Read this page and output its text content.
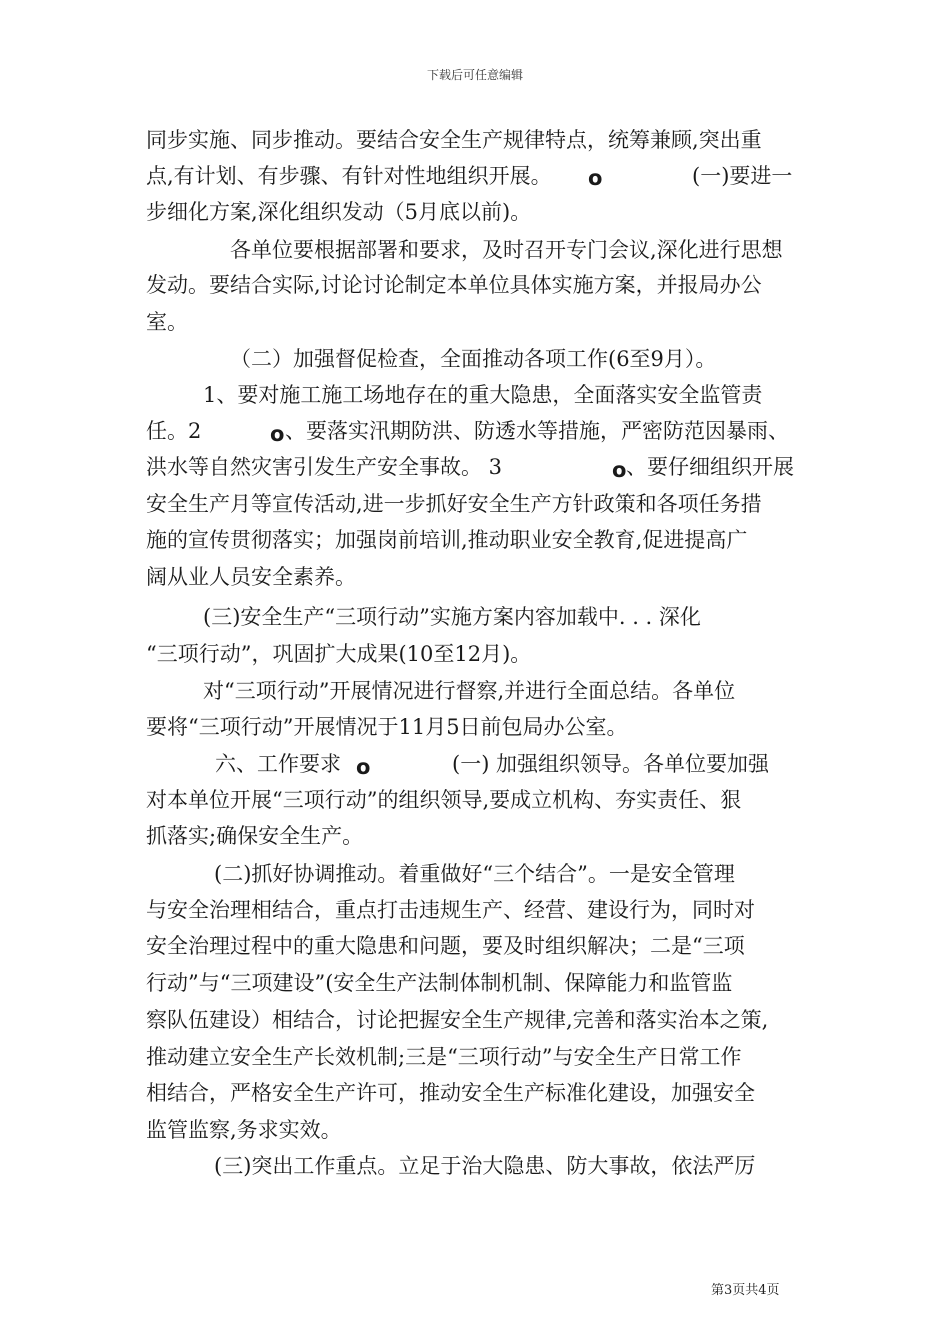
下载后可任意编辑
同步实施、同步推动。要结合安全生产规律特点，统筹兼顾,突出重
点,有计划、有步骤、有针对性地组织开展。 o	(一)要进一
步细化方案,深化组织发动（5月底以前)。
各单位要根据部署和要求，及时召开专门会议,深化进行思想
发动。要结合实际,讨论讨论制定本单位具体实施方案，并报局办公
室。
（二）加强督促检查，全面推动各项工作(6至9月）。
1、要对施工施工场地存在的重大隐患，全面落实安全监管责
任。2	o 、要落实汛期防洪、防透水等措施，严密防范因暴雨、
洪水等自然灾害引发生产安全事故。 3	o 、要仔细组织开展
安全生产月等宣传活动,进一步抓好安全生产方针政策和各项任务措
施的宣传贯彻落实；加强岗前培训,推动职业安全教育,促进提高广
阔从业人员安全素养。
(三)安全生产“三项行动”实施方案内容加载中. . . 深化
“三项行动”，巩固扩大成果(10至12月)。
对“三项行动”开展情况进行督察,并进行全面总结。各单位
要将“三项行动”开展情况于11月5日前包局办公室。
六、工作要求 o	(一) 加强组织领导。各单位要加强
对本单位开展“三项行动”的组织领导,要成立机构、夯实责任、狠
抓落实;确保安全生产。
(二)抓好协调推动。着重做好“三个结合”。一是安全管理
与安全治理相结合，重点打击违规生产、经营、建设行为，同时对
安全治理过程中的重大隐患和问题，要及时组织解决；二是“三项
行动”与“三项建设”(安全生产法制体制机制、保障能力和监管监
察队伍建设）相结合，讨论把握安全生产规律,完善和落实治本之策,
推动建立安全生产长效机制;三是“三项行动”与安全生产日常工作
相结合，严格安全生产许可，推动安全生产标准化建设，加强安全
监管监察,务求实效。
(三)突出工作重点。立足于治大隐患、防大事故，依法严厉
第3页共4页
